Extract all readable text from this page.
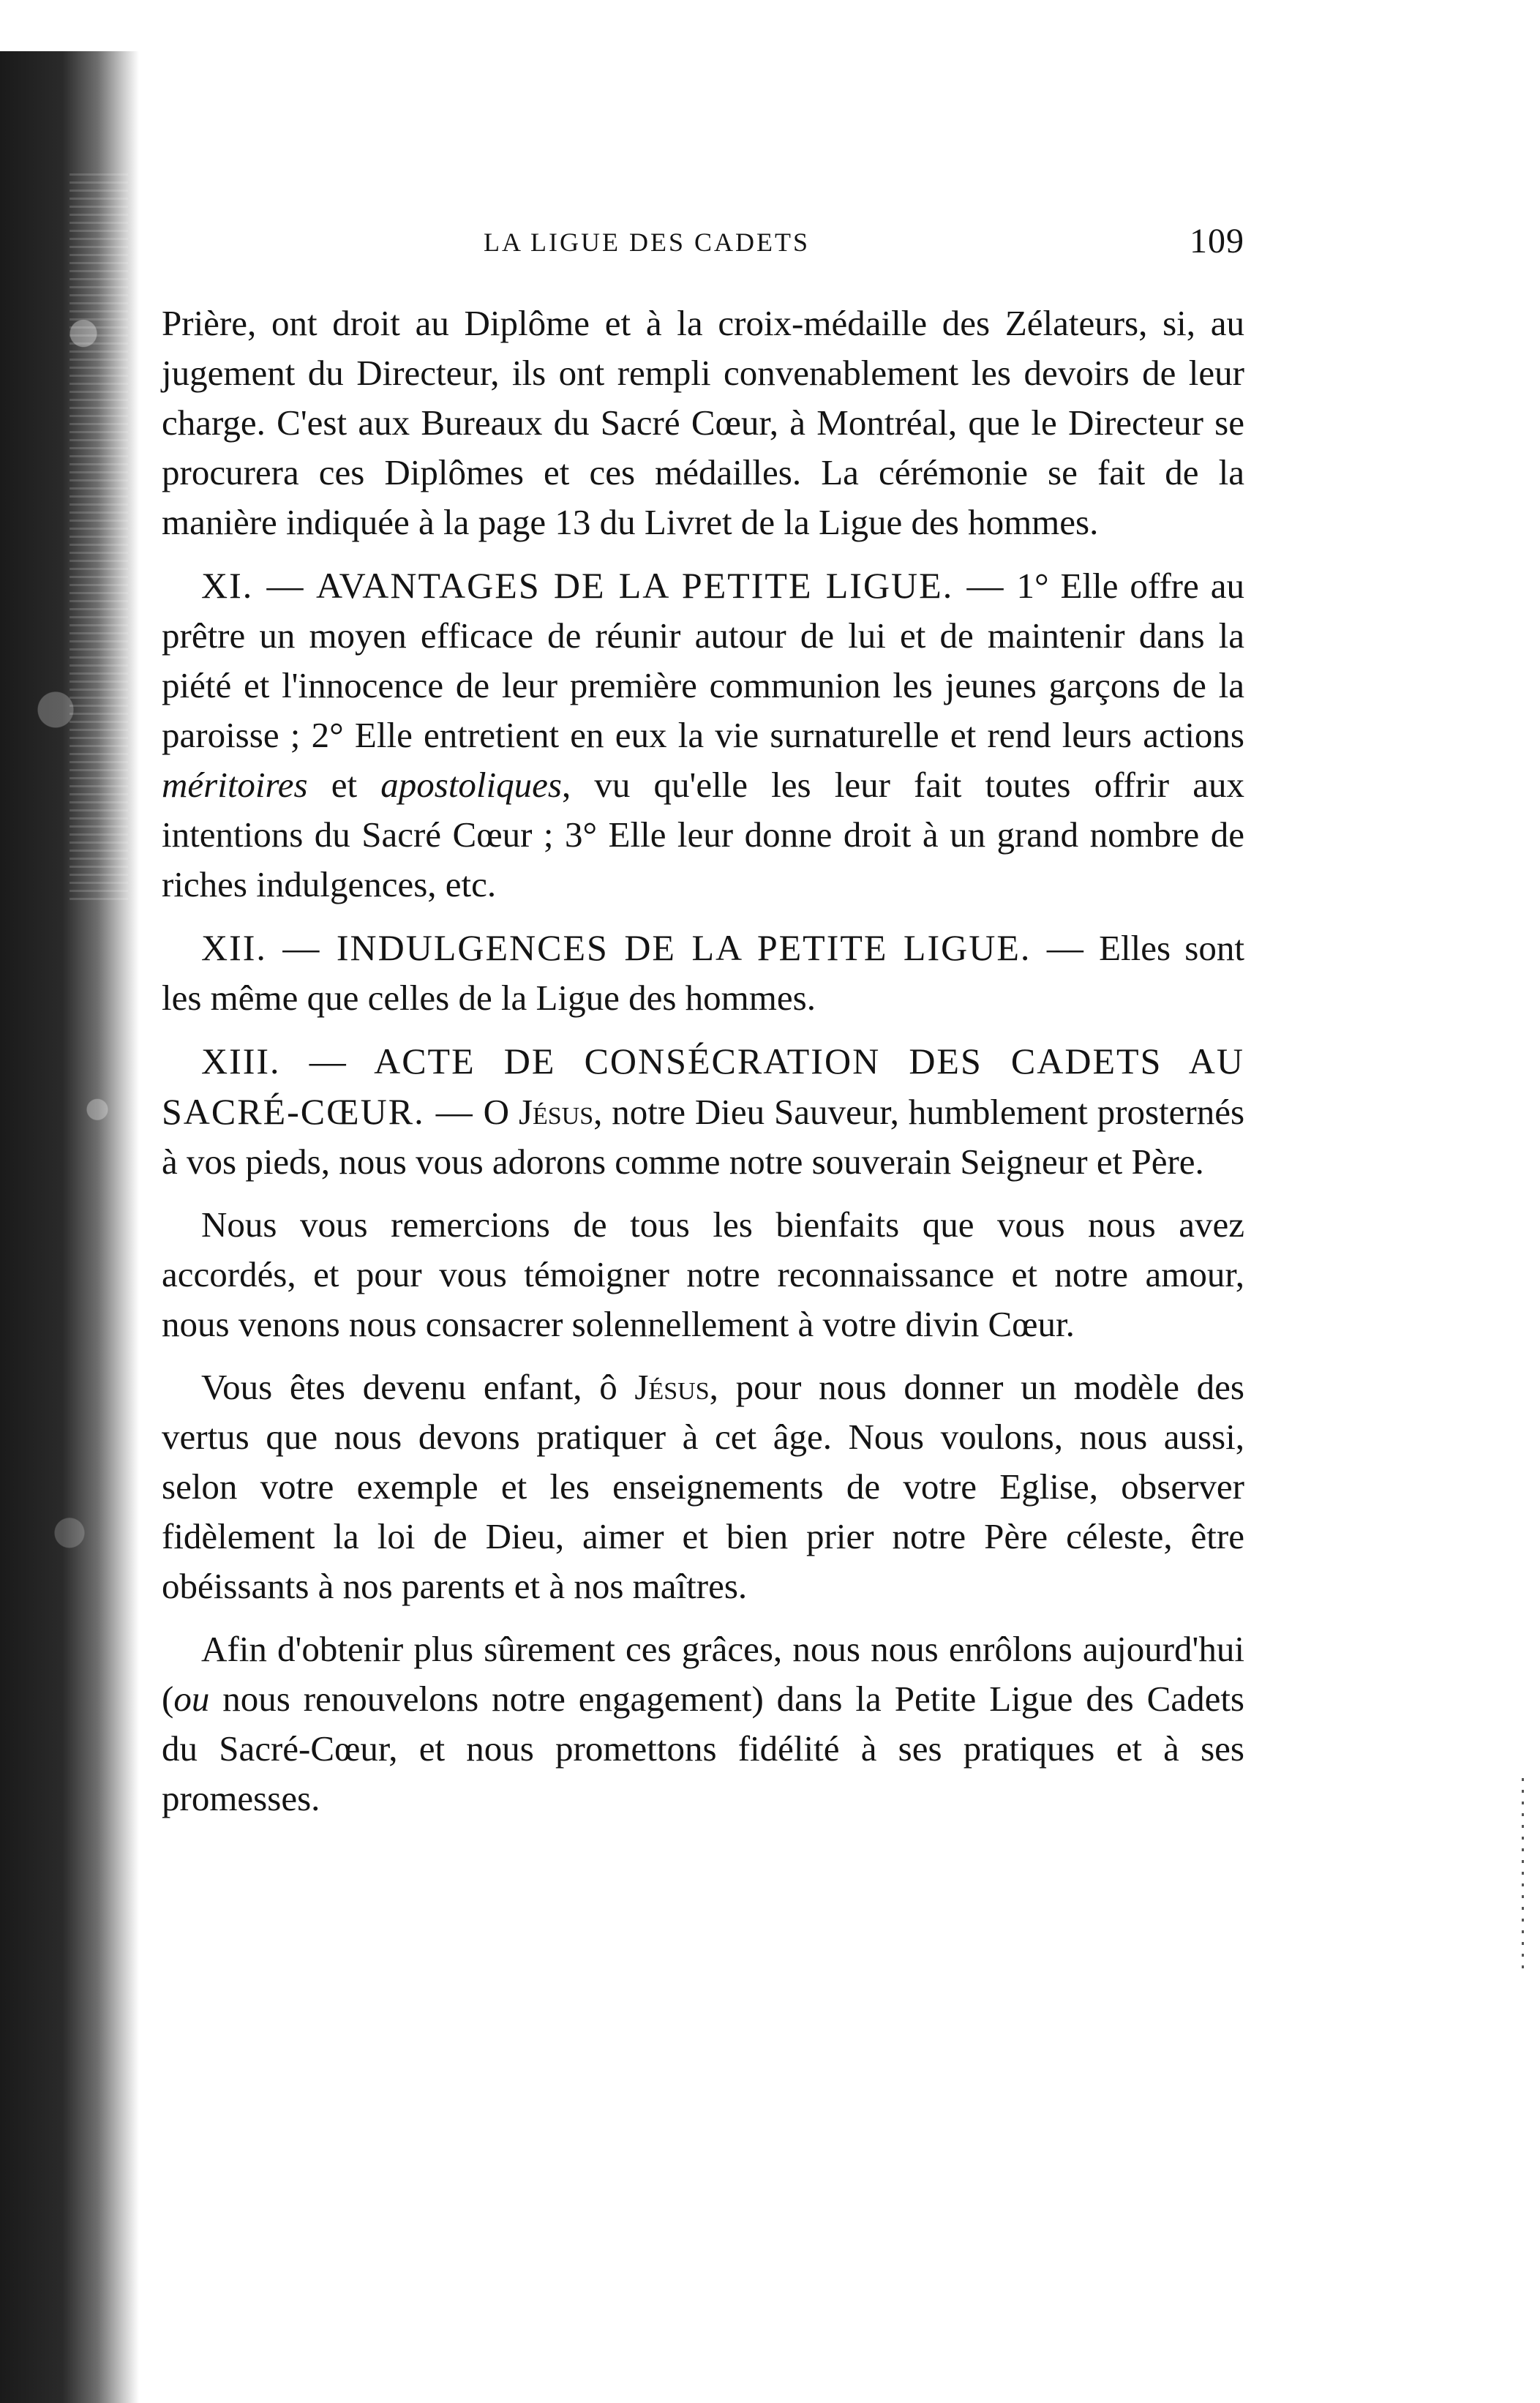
LA LIGUE DES CADETS	109

Prière, ont droit au Diplôme et à la croix-médaille des Zélateurs, si, au jugement du Directeur, ils ont rempli convenablement les devoirs de leur charge. C'est aux Bureaux du Sacré Cœur, à Montréal, que le Directeur se procurera ces Diplômes et ces médailles. La cérémonie se fait de la manière indiquée à la page 13 du Livret de la Ligue des hommes.

XI. — AVANTAGES DE LA PETITE LIGUE. — 1° Elle offre au prêtre un moyen efficace de réunir autour de lui et de maintenir dans la piété et l'innocence de leur première communion les jeunes garçons de la paroisse ; 2° Elle entretient en eux la vie surnaturelle et rend leurs actions méritoires et apostoliques, vu qu'elle les leur fait toutes offrir aux intentions du Sacré Cœur ; 3° Elle leur donne droit à un grand nombre de riches indulgences, etc.

XII. — INDULGENCES DE LA PETITE LIGUE. — Elles sont les même que celles de la Ligue des hommes.

XIII. — ACTE DE CONSÉCRATION DES CADETS AU SACRÉ-CŒUR. — O Jésus, notre Dieu Sauveur, humblement prosternés à vos pieds, nous vous adorons comme notre souverain Seigneur et Père.

Nous vous remercions de tous les bienfaits que vous nous avez accordés, et pour vous témoigner notre reconnaissance et notre amour, nous venons nous consacrer solennellement à votre divin Cœur.

Vous êtes devenu enfant, ô Jésus, pour nous donner un modèle des vertus que nous devons pratiquer à cet âge. Nous voulons, nous aussi, selon votre exemple et les enseignements de votre Eglise, observer fidèlement la loi de Dieu, aimer et bien prier notre Père céleste, être obéissants à nos parents et à nos maîtres.

Afin d'obtenir plus sûrement ces grâces, nous nous enrôlons aujourd'hui (ou nous renouvelons notre engagement) dans la Petite Ligue des Cadets du Sacré-Cœur, et nous promettons fidélité à ses pratiques et à ses promesses.
